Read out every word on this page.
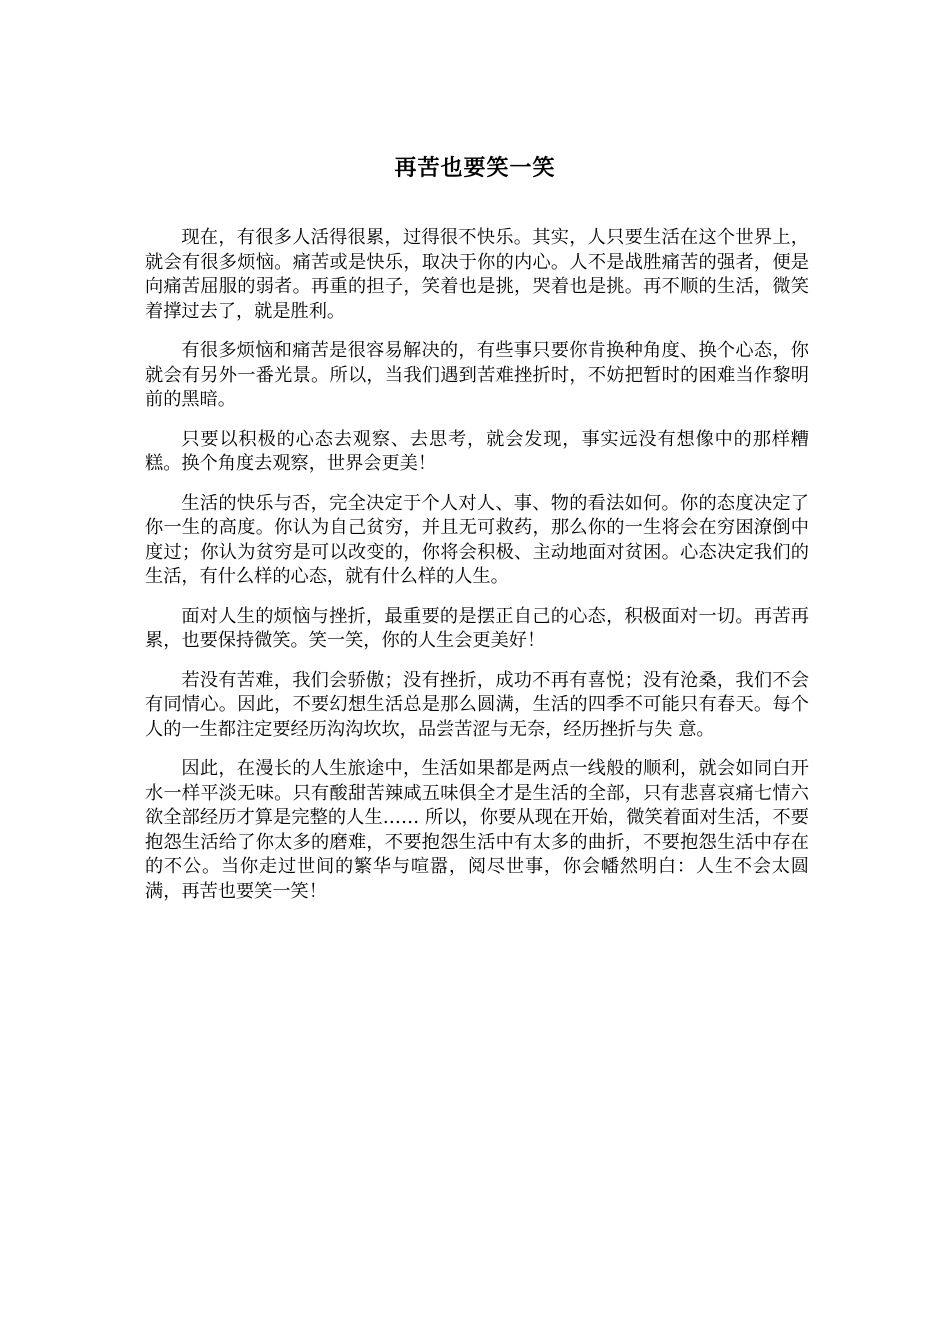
再苦也要笑一笑

现在，有很多人活得很累，过得很不快乐。其实，人只要生活在这个世界上，就会有很多烦恼。痛苦或是快乐，取决于你的内心。人不是战胜痛苦的强者，便是向痛苦屈服的弱者。再重的担子，笑着也是挑，哭着也是挑。再不顺的生活，微笑着撑过去了，就是胜利。

有很多烦恼和痛苦是很容易解决的，有些事只要你肯换种角度、换个心态，你就会有另外一番光景。所以，当我们遇到苦难挫折时，不妨把暂时的困难当作黎明前的黑暗。

只要以积极的心态去观察、去思考，就会发现，事实远没有想像中的那样糟糕。换个角度去观察，世界会更美！

生活的快乐与否，完全决定于个人对人、事、物的看法如何。你的态度决定了你一生的高度。你认为自己贫穷，并且无可救药，那么你的一生将会在穷困潦倒中度过；你认为贫穷是可以改变的，你将会积极、主动地面对贫困。心态决定我们的生活，有什么样的心态，就有什么样的人生。

面对人生的烦恼与挫折，最重要的是摆正自己的心态，积极面对一切。再苦再累，也要保持微笑。笑一笑，你的人生会更美好！

若没有苦难，我们会骄傲；没有挫折，成功不再有喜悦；没有沧桑，我们不会有同情心。因此，不要幻想生活总是那么圆满，生活的四季不可能只有春天。每个人的一生都注定要经历沟沟坎坎，品尝苦涩与无奈，经历挫折与失 意。

因此，在漫长的人生旅途中，生活如果都是两点一线般的顺利，就会如同白开水一样平淡无味。只有酸甜苦辣咸五味俱全才是生活的全部，只有悲喜哀痛七情六欲全部经历才算是完整的人生…… 所以，你要从现在开始，微笑着面对生活，不要抱怨生活给了你太多的磨难，不要抱怨生活中有太多的曲折，不要抱怨生活中存在的不公。当你走过世间的繁华与喧嚣，阅尽世事，你会幡然明白：人生不会太圆满，再苦也要笑一笑！
